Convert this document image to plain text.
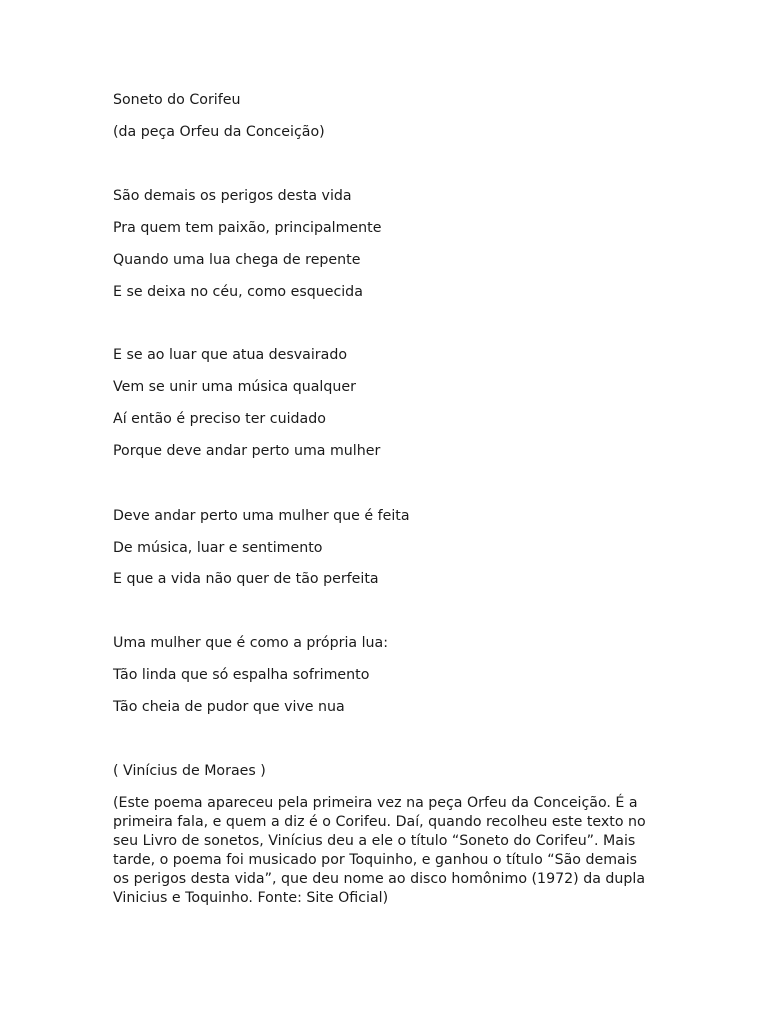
Soneto do Corifeu
(da peça Orfeu da Conceição)
São demais os perigos desta vida
Pra quem tem paixão, principalmente
Quando uma lua chega de repente
E se deixa no céu, como esquecida
E se ao luar que atua desvairado
Vem se unir uma música qualquer
Aí então é preciso ter cuidado
Porque deve andar perto uma mulher
Deve andar perto uma mulher que é feita
De música, luar e sentimento
E que a vida não quer de tão perfeita
Uma mulher que é como a própria lua:
Tão linda que só espalha sofrimento
Tão cheia de pudor que vive nua
( Vinícius de Moraes )
(Este poema apareceu pela primeira vez na peça Orfeu da Conceição. É a primeira fala, e quem a diz é o Corifeu. Daí, quando recolheu este texto no seu Livro de sonetos, Vinícius deu a ele o título “Soneto do Corifeu”. Mais tarde, o poema foi musicado por Toquinho, e ganhou o título “São demais os perigos desta vida”, que deu nome ao disco homônimo (1972) da dupla Vinicius e Toquinho. Fonte: Site Oficial)
